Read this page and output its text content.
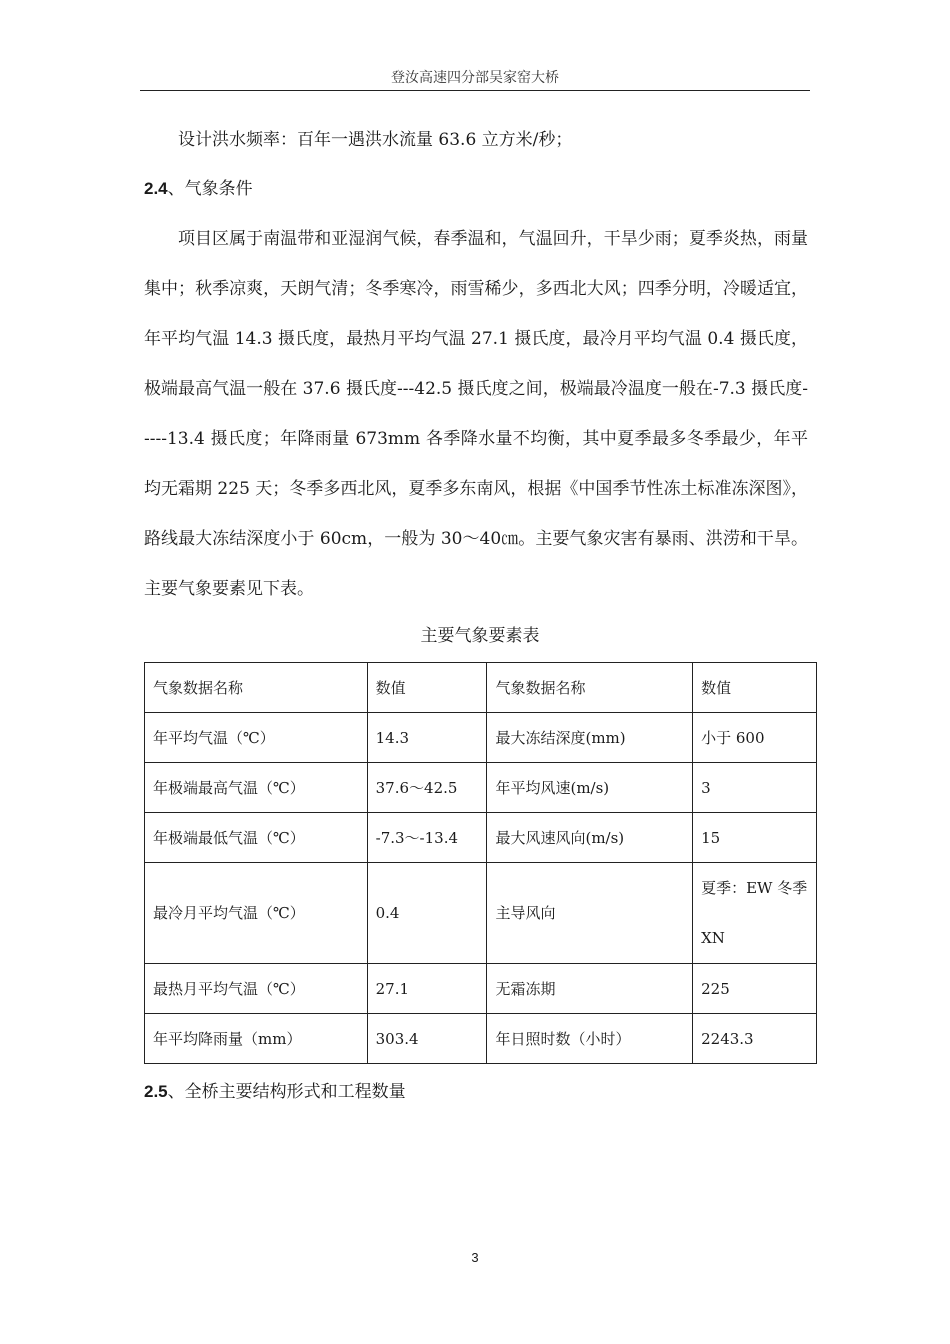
登汝高速四分部吴家窑大桥
设计洪水频率：百年一遇洪水流量 63.6 立方米/秒；
2.4、气象条件
项目区属于南温带和亚湿润气候，春季温和，气温回升，干旱少雨；夏季炎热，雨量集中；秋季凉爽，天朗气清；冬季寒冷，雨雪稀少，多西北大风；四季分明，冷暖适宜，年平均气温 14.3 摄氏度，最热月平均气温 27.1 摄氏度，最冷月平均气温 0.4 摄氏度，极端最高气温一般在 37.6 摄氏度---42.5 摄氏度之间，极端最冷温度一般在-7.3 摄氏度-----13.4 摄氏度；年降雨量 673mm 各季降水量不均衡，其中夏季最多冬季最少，年平均无霜期 225 天；冬季多西北风，夏季多东南风，根据《中国季节性冻土标准冻深图》，路线最大冻结深度小于 60cm，一般为 30～40㎝。主要气象灾害有暴雨、洪涝和干旱。主要气象要素见下表。
主要气象要素表
气象数据名称	数值	气象数据名称	数值
年平均气温（℃）	14.3	最大冻结深度(mm)	小于 600
年极端最高气温（℃）	37.6～42.5	年平均风速(m/s)	3
年极端最低气温（℃）	-7.3～-13.4	最大风速风向(m/s)	15
最冷月平均气温（℃）	0.4	主导风向	夏季：EW 冬季 XN
最热月平均气温（℃）	27.1	无霜冻期	225
年平均降雨量（mm）	303.4	年日照时数（小时）	2243.3
2.5、全桥主要结构形式和工程数量
3
